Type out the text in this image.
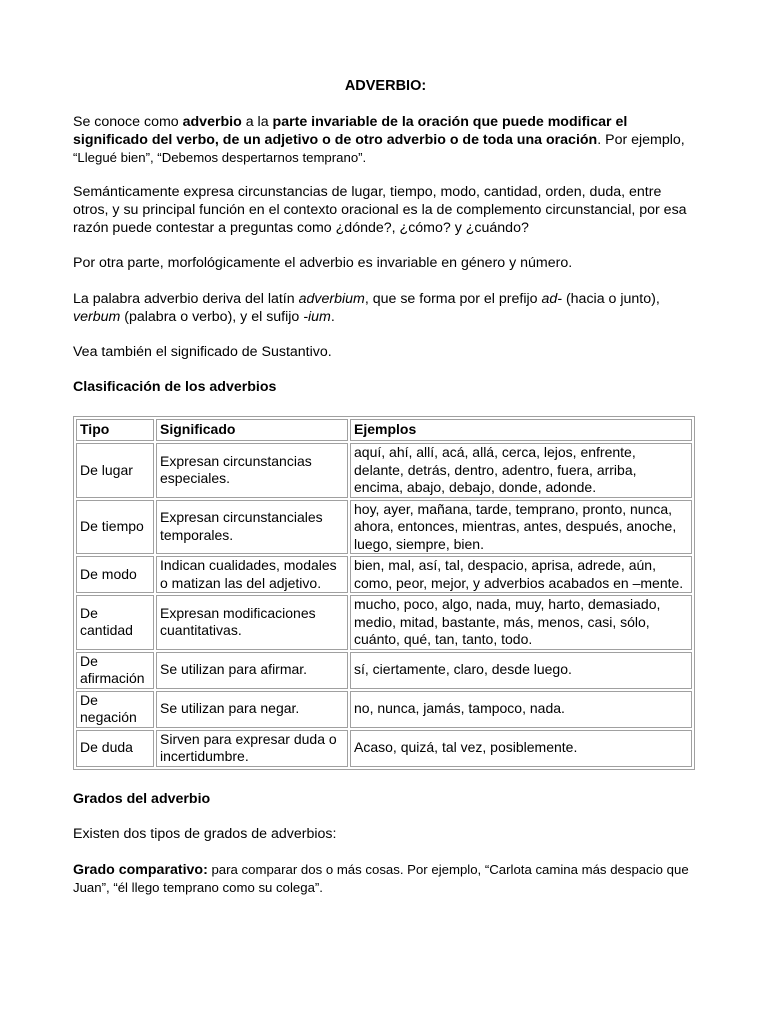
ADVERBIO:
Se conoce como adverbio a la parte invariable de la oración que puede modificar el significado del verbo, de un adjetivo o de otro adverbio o de toda una oración. Por ejemplo, “Llegué bien”, “Debemos despertarnos temprano”.
Semánticamente expresa circunstancias de lugar, tiempo, modo, cantidad, orden, duda, entre otros, y su principal función en el contexto oracional es la de complemento circunstancial, por esa razón puede contestar a preguntas como ¿dónde?, ¿cómo? y ¿cuándo?
Por otra parte, morfológicamente el adverbio es invariable en género y número.
La palabra adverbio deriva del latín adverbium, que se forma por el prefijo ad- (hacia o junto), verbum (palabra o verbo), y el sufijo -ium.
Vea también el significado de Sustantivo.
Clasificación de los adverbios
Tipo	Significado	Ejemplos
De lugar	Expresan circunstancias especiales.	aquí, ahí, allí, acá, allá, cerca, lejos, enfrente, delante, detrás, dentro, adentro, fuera, arriba, encima, abajo, debajo, donde, adonde.
De tiempo	Expresan circunstanciales temporales.	hoy, ayer, mañana, tarde, temprano, pronto, nunca, ahora, entonces, mientras, antes, después, anoche, luego, siempre, bien.
De modo	Indican cualidades, modales o matizan las del adjetivo.	bien, mal, así, tal, despacio, aprisa, adrede, aún, como, peor, mejor, y adverbios acabados en –mente.
De cantidad	Expresan modificaciones cuantitativas.	mucho, poco, algo, nada, muy, harto, demasiado, medio, mitad, bastante, más, menos, casi, sólo, cuánto, qué, tan, tanto, todo.
De afirmación	Se utilizan para afirmar.	sí, ciertamente, claro, desde luego.
De negación	Se utilizan para negar.	no, nunca, jamás, tampoco, nada.
De duda	Sirven para expresar duda o incertidumbre.	Acaso, quizá, tal vez, posiblemente.
Grados del adverbio
Existen dos tipos de grados de adverbios:
Grado comparativo: para comparar dos o más cosas. Por ejemplo, “Carlota camina más despacio que Juan”, “él llego temprano como su colega”.
